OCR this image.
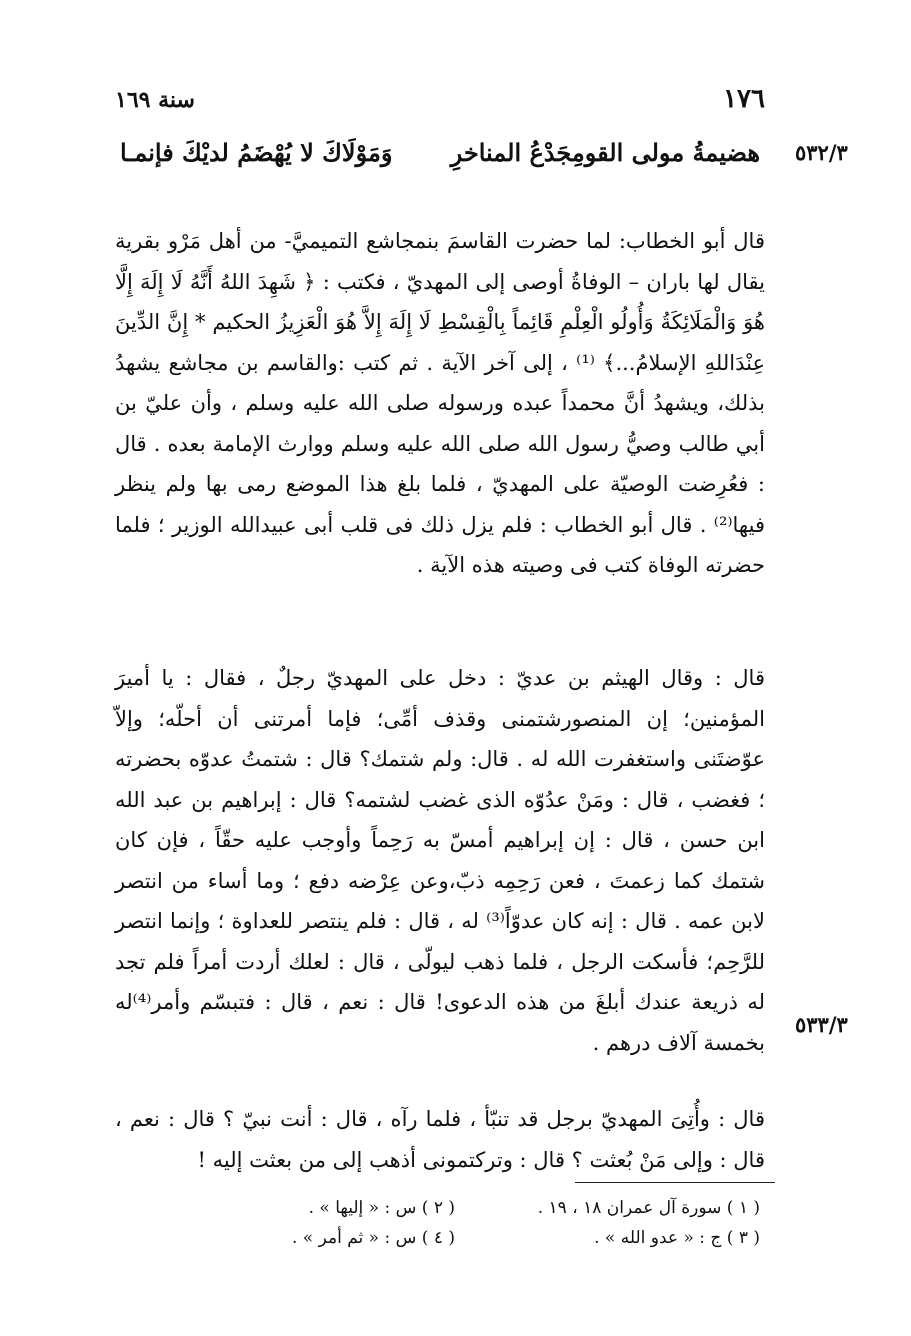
سنة ١٦٩	١٧٦
٥٣٢/٣
وَمَوْلَاكَ لا يُهْضَمُ لديْكَ فإنمـا هضيمةُ مولى القومِجَدْعُ المناخرِ

قال أبو الخطاب: لما حضرت القاسمَ بنمجاشع التميميَّ- من أهل مَرْو بقرية يقال لها باران – الوفاةُ أوصى إلى المهديّ ، فكتب : ﴿ شَهِدَ اللهُ أَنَّهُ لَا إِلَهَ إِلَّا هُوَ وَالْمَلَائِكَةُ وَأُولُو الْعِلْمِ قَائِماً بِالْقِسْطِ لَا إِلَهَ إِلاَّ هُوَ الْعَزِيزُ الحكيم * إِنَّ الدِّينَ عِنْدَاللهِ الإسلامُ...﴾ ⁽¹⁾ ، إلى آخر الآية . ثم كتب :والقاسم بن مجاشع يشهدُ بذلك، ويشهدُ أنَّ محمداً عبده ورسوله صلى الله عليه وسلم ، وأن عليّ بن أبي طالب وصيُّ رسول الله صلى الله عليه وسلم ووارث الإمامة بعده . قال : فعُرِضت الوصيّة على المهديّ ، فلما بلغ هذا الموضع رمى بها ولم ينظر فيها⁽²⁾ . قال أبو الخطاب : فلم يزل ذلك فى قلب أبى عبيدالله الوزير ؛ فلما حضرته الوفاة كتب فى وصيته هذه الآية .

قال : وقال الهيثم بن عديّ : دخل على المهديّ رجلٌ ، فقال : يا أميرَ المؤمنين؛ إن المنصورشتمنى وقذف أمِّى؛ فإما أمرتنى أن أحلّه؛ وإلاّ عوّضتَنى واستغفرت الله له . قال: ولم شتمك؟ قال : شتمتُ عدوّه بحضرته ؛ فغضب ، قال : ومَنْ عدُوّه الذى غضب لشتمه؟ قال : إبراهيم بن عبد الله ابن حسن ، قال : إن إبراهيم أمسّ به رَحِماً وأوجب عليه حقّاً ، فإن كان شتمك كما زعمتَ ، فعن رَحِمِه ذبّ،وعن عِرْضه دفع ؛ وما أساء من انتصر لابن عمه . قال : إنه كان عدوّاً⁽³⁾ له ، قال : فلم ينتصر للعداوة ؛ وإنما انتصر للرَّحِم؛ فأسكت الرجل ، فلما ذهب ليولّى ، قال : لعلك أردت أمراً فلم تجد له ذريعة عندك أبلغَ من هذه الدعوى! قال : نعم ، قال : فتبسّم وأمر⁽⁴⁾له بخمسة آلاف درهم .

٥٣٣/٣

قال : وأُتِىَ المهديّ برجل قد تنبّأ ، فلما رآه ، قال : أنت نبيّ ؟ قال : نعم ، قال : وإلى مَنْ بُعثت ؟ قال : وتركتمونى أذهب إلى من بعثت إليه !

( ١ ) سورة آل عمران ١٨ ، ١٩ .
( ٢ ) س : « إليها » .
( ٣ ) ج : « عدو الله » .
( ٤ ) س : « ثم أمر » .
